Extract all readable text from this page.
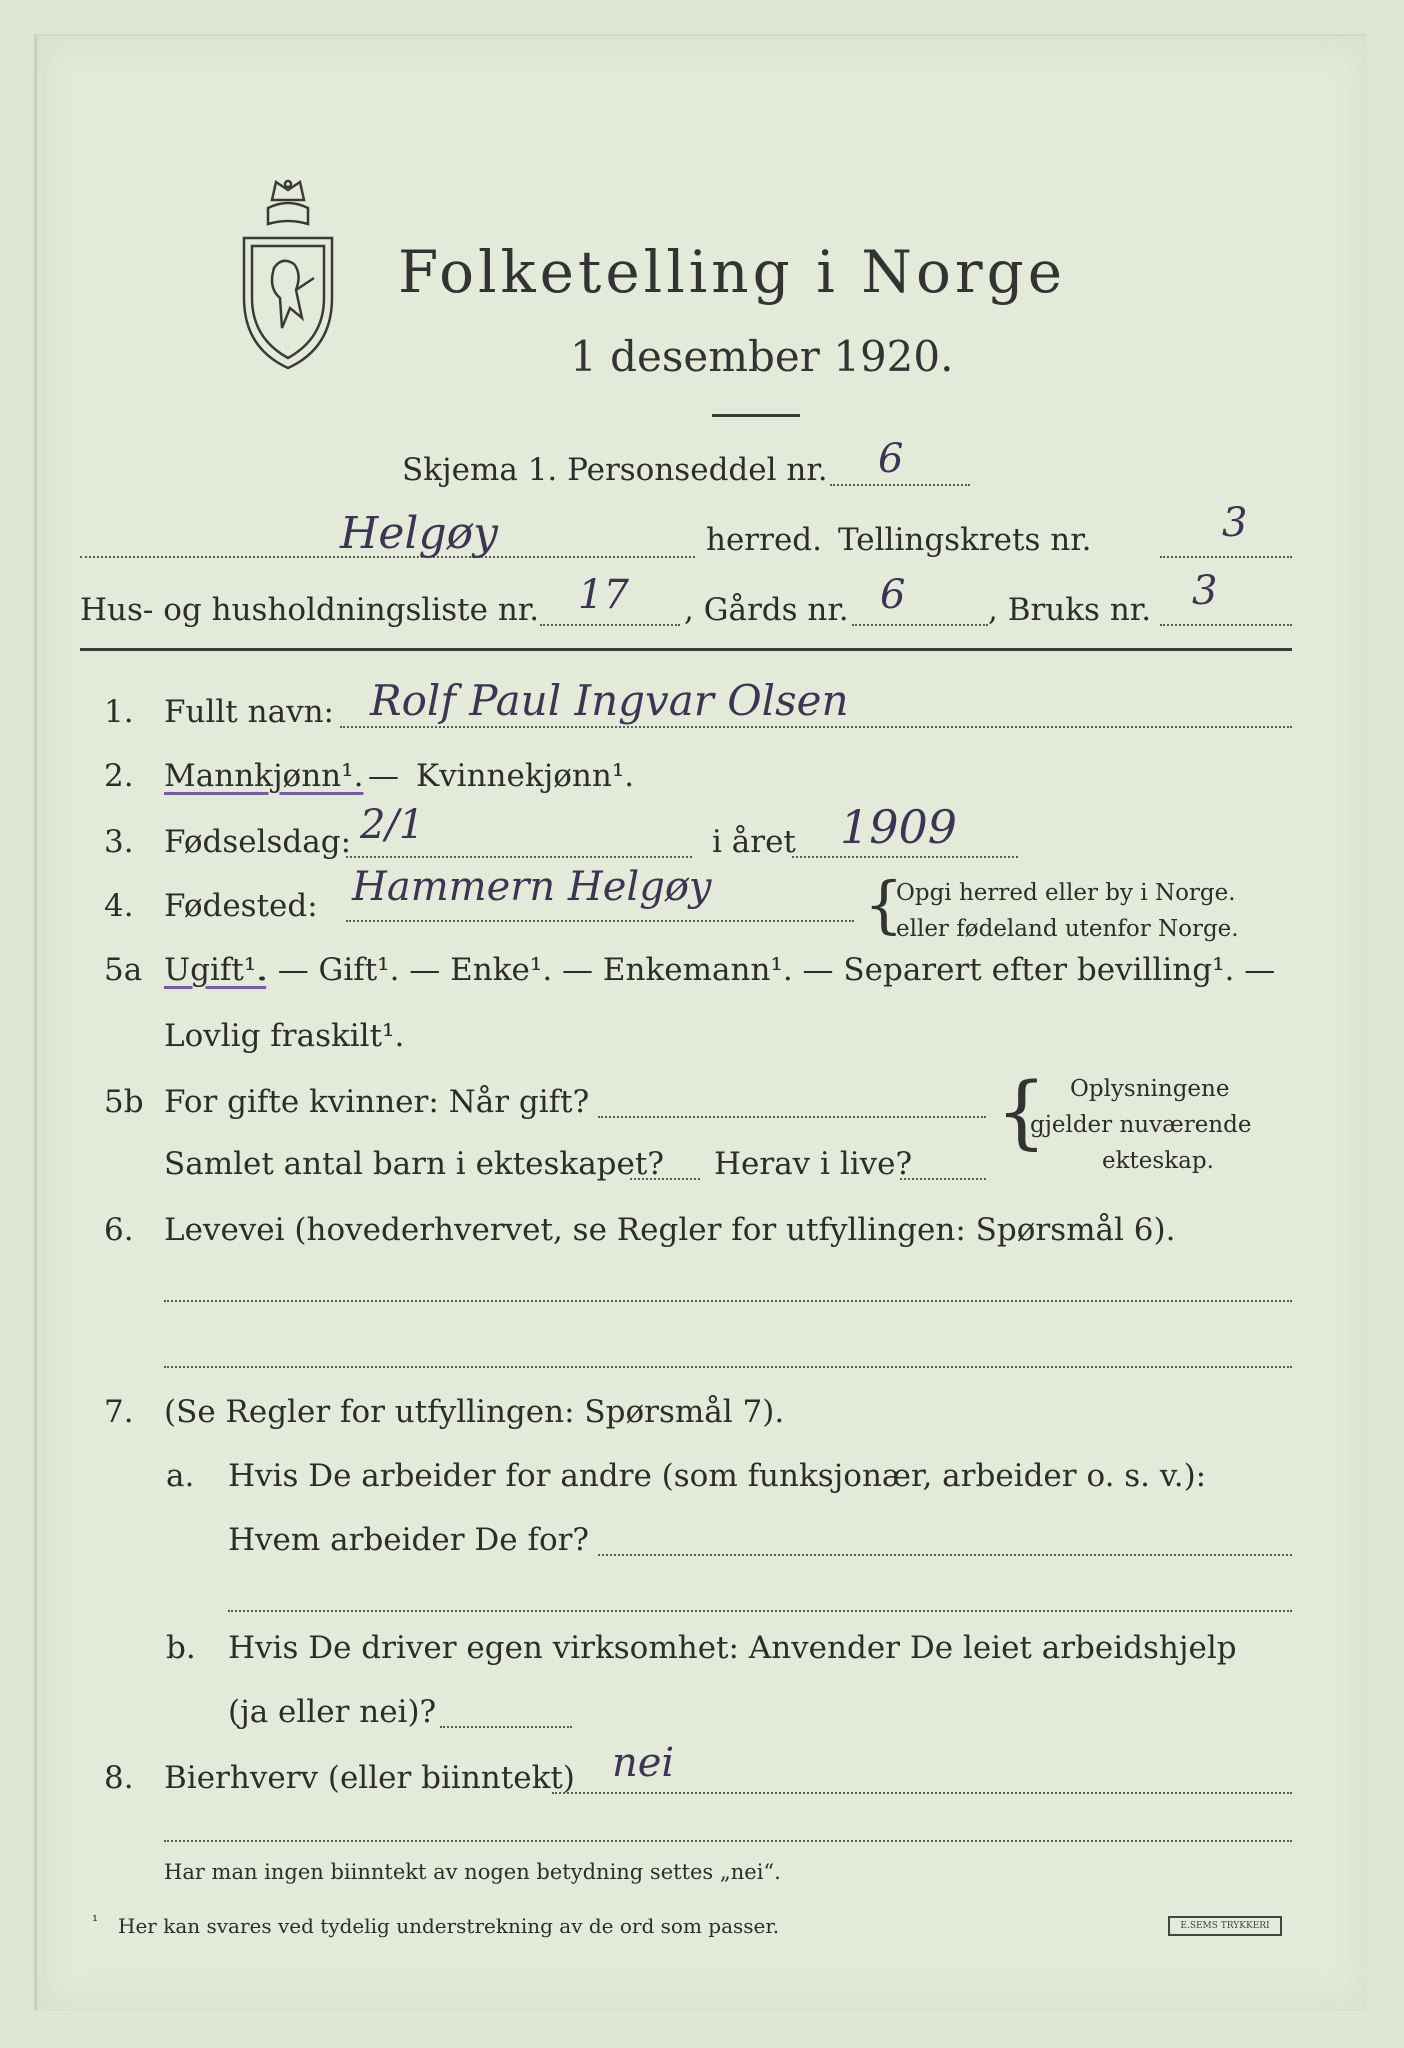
Folketelling i Norge
1 desember 1920.
Skjema 1. Personseddel nr. 6
Helgøy	herred. Tellingskrets nr.	3
Hus- og husholdningsliste nr. 17 , Gårds nr. 6	, Bruks nr. 3
1. Fullt navn: Rolf Paul Ingvar Olsen
2. Mannkjønn¹. — Kvinnekjønn¹.
3. Fødselsdag: 2/1	i året 1909
4. Fødested: Hammern Helgøy {
Opgi herred eller by i Norge.
eller fødeland utenfor Norge.
5a Ugift¹.
. — Gift¹. — Enke¹. — Enkemann¹. — Separert efter bevilling¹. —
Lovlig fraskilt¹.
5b For gifte kvinner: Når gift?
Samlet antal barn i ekteskapet? Herav i live?
{ Oplysningene
gjelder nuværende
ekteskap.
6. Levevei (hovederhvervet, se Regler for utfyllingen: Spørsmål 6).
7. (Se Regler for utfyllingen: Spørsmål 7).
a. Hvis De arbeider for andre (som funksjonær, arbeider o. s. v.):
Hvem arbeider De for?
b. Hvis De driver egen virksomhet: Anvender De leiet arbeidshjelp
(ja eller nei)?
8. Bierhverv (eller biinntekt) nei
Har man ingen biinntekt av nogen betydning settes „nei“.
¹ Her kan svares ved tydelig understrekning av de ord som passer.	E.SEMS TRYKKERI
